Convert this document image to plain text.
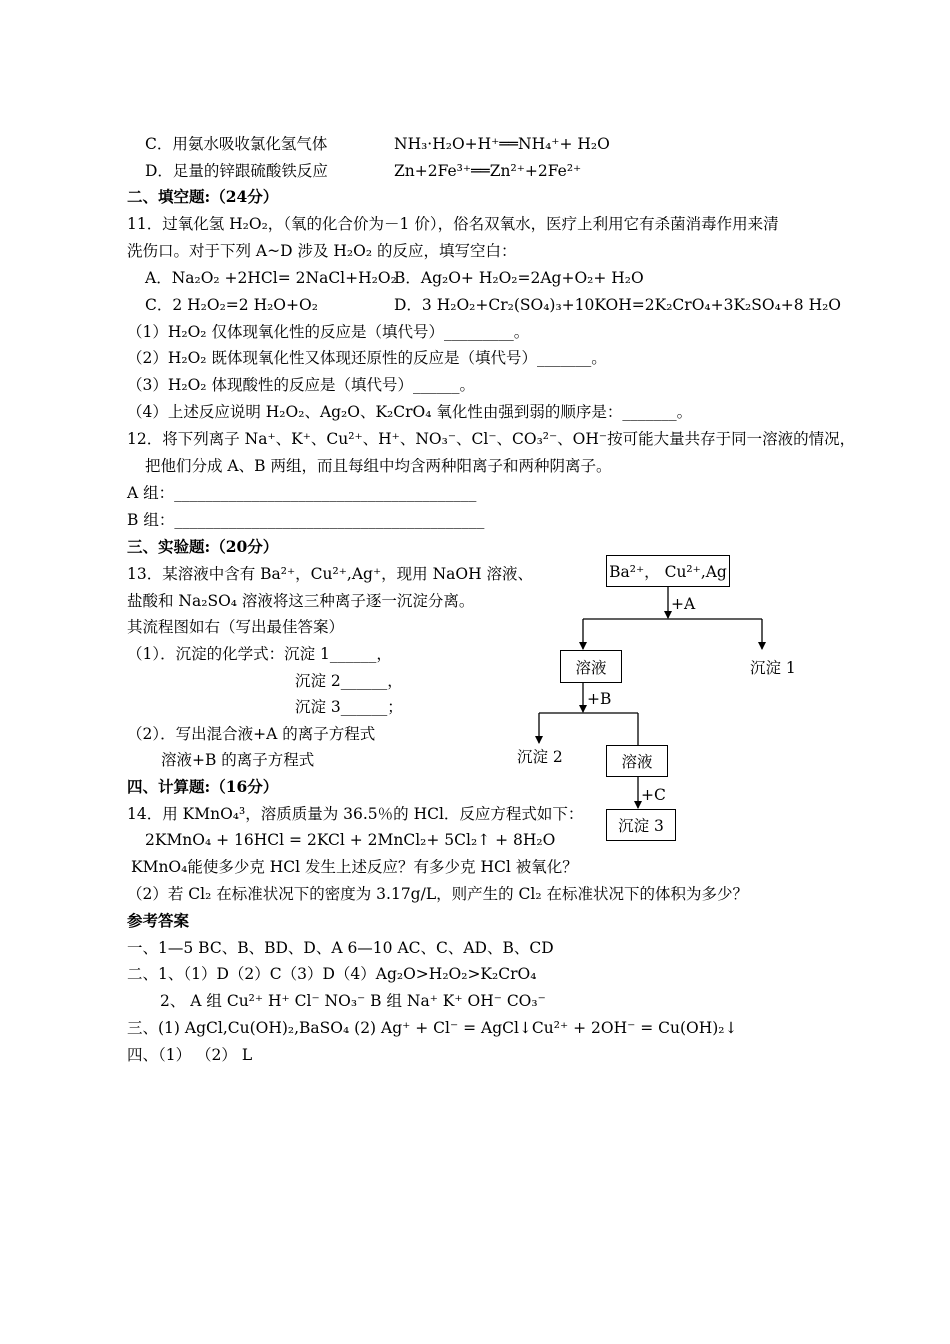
C．用氨水吸收氯化氢气体	NH₃·H₂O+H⁺══NH₄⁺+ H₂O
D．足量的锌跟硫酸铁反应	Zn+2Fe³⁺══Zn²⁺+2Fe²⁺
二、填空题:（24分）
11．过氧化氢 H₂O₂，（氧的化合价为－1 价），俗名双氧水，医疗上利用它有杀菌消毒作用来清
洗伤口。对于下列 A~D 涉及 H₂O₂ 的反应，填写空白：
A．Na₂O₂ +2HCl= 2NaCl+H₂O₂
B．Ag₂O+ H₂O₂=2Ag+O₂+ H₂O
C．2 H₂O₂=2 H₂O+O₂	D．3 H₂O₂+Cr₂(SO₄)₃+10KOH=2K₂CrO₄+3K₂SO₄+8 H₂O
（1）H₂O₂ 仅体现氧化性的反应是（填代号）_________。
（2）H₂O₂ 既体现氧化性又体现还原性的反应是（填代号）_______。
（3）H₂O₂ 体现酸性的反应是（填代号）______。
（4）上述反应说明 H₂O₂、Ag₂O、K₂CrO₄ 氧化性由强到弱的顺序是：_______。
12．将下列离子 Na⁺、K⁺、Cu²⁺、H⁺、NO₃⁻、Cl⁻、CO₃²⁻、OH⁻按可能大量共存于同一溶液的情况，
把他们分成 A、B 两组，而且每组中均含两种阳离子和两种阴离子。
A 组：_______________________________________
B 组：________________________________________
三、实验题:（20分）
13．某溶液中含有 Ba²⁺，Cu²⁺,Ag⁺，现用 NaOH 溶液、
盐酸和 Na₂SO₄ 溶液将这三种离子逐一沉淀分离。
其流程图如右（写出最佳答案）
（1）．沉淀的化学式：沉淀 1______，
沉淀 2______，
沉淀 3______；
（2）．写出混合液+A 的离子方程式
溶液+B 的离子方程式
四、计算题:（16分）
14．用 KMnO₄³，溶质质量为 36.5％的 HCl．反应方程式如下：
2KMnO₄ + 16HCl = 2KCl + 2MnCl₂+ 5Cl₂↑ + 8H₂O
KMnO₄能使多少克 HCl 发生上述反应？有多少克 HCl 被氧化？
（2）若 Cl₂ 在标准状况下的密度为 3.17g/L，则产生的 Cl₂ 在标准状况下的体积为多少？
参考答案
一、1—5 BC、B、BD、D、A 6—10 AC、C、AD、B、CD
二、1、（1）D（2）C（3）D（4）Ag₂O>H₂O₂>K₂CrO₄
2、 A 组 Cu²⁺ H⁺ Cl⁻ NO₃⁻ B 组 Na⁺ K⁺ OH⁻ CO₃⁻
三、(1) AgCl,Cu(OH)₂,BaSO₄ (2) Ag⁺ + Cl⁻ = AgCl↓Cu²⁺ + 2OH⁻ = Cu(OH)₂↓
四、（1） （2） L
Ba²⁺， Cu²⁺,Ag
+A
溶液	沉淀 1
+B
沉淀 2	溶液
+C
沉淀 3
